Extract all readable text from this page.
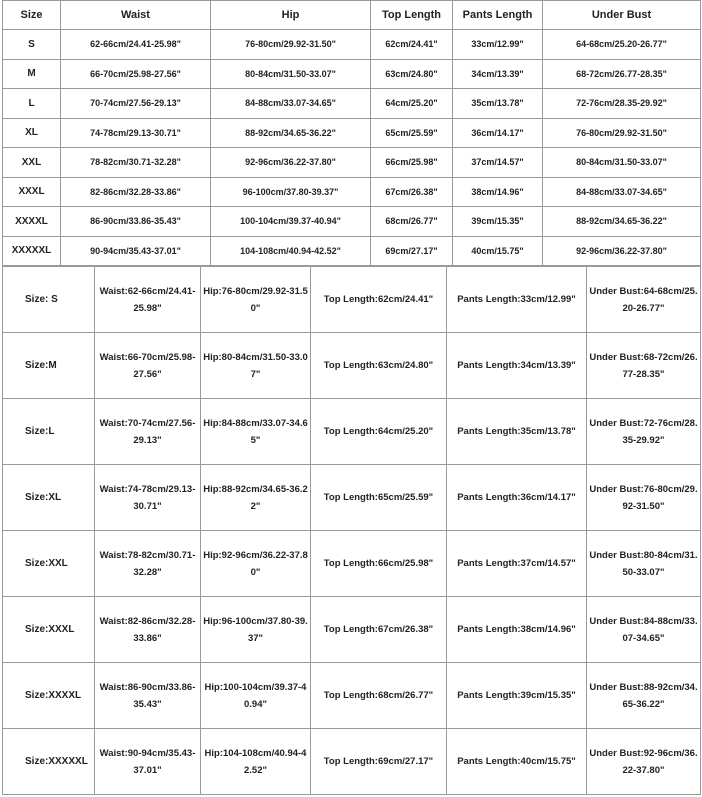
Size	Waist	Hip	Top Length	Pants Length	Under Bust
S	62-66cm/24.41-25.98"	76-80cm/29.92-31.50"	62cm/24.41"	33cm/12.99"	64-68cm/25.20-26.77"
M	66-70cm/25.98-27.56"	80-84cm/31.50-33.07"	63cm/24.80"	34cm/13.39"	68-72cm/26.77-28.35"
L	70-74cm/27.56-29.13"	84-88cm/33.07-34.65"	64cm/25.20"	35cm/13.78"	72-76cm/28.35-29.92"
XL	74-78cm/29.13-30.71"	88-92cm/34.65-36.22"	65cm/25.59"	36cm/14.17"	76-80cm/29.92-31.50"
XXL	78-82cm/30.71-32.28"	92-96cm/36.22-37.80"	66cm/25.98"	37cm/14.57"	80-84cm/31.50-33.07"
XXXL	82-86cm/32.28-33.86"	96-100cm/37.80-39.37"	67cm/26.38"	38cm/14.96"	84-88cm/33.07-34.65"
XXXXL	86-90cm/33.86-35.43"	100-104cm/39.37-40.94"	68cm/26.77"	39cm/15.35"	88-92cm/34.65-36.22"
XXXXXL	90-94cm/35.43-37.01"	104-108cm/40.94-42.52"	69cm/27.17"	40cm/15.75"	92-96cm/36.22-37.80"
Size: S	Waist:62-66cm/24.41-25.98"	Hip:76-80cm/29.92-31.50"	Top Length:62cm/24.41"	Pants Length:33cm/12.99"	Under Bust:64-68cm/25.20-26.77"

Size:M	Waist:66-70cm/25.98-27.56"	Hip:80-84cm/31.50-33.07"	Top Length:63cm/24.80"	Pants Length:34cm/13.39"	Under Bust:68-72cm/26.77-28.35"

Size:L	Waist:70-74cm/27.56-29.13"	Hip:84-88cm/33.07-34.65"	Top Length:64cm/25.20"	Pants Length:35cm/13.78"	Under Bust:72-76cm/28.35-29.92"

Size:XL	Waist:74-78cm/29.13-30.71"	Hip:88-92cm/34.65-36.22"	Top Length:65cm/25.59"	Pants Length:36cm/14.17"	Under Bust:76-80cm/29.92-31.50"

Size:XXL	Waist:78-82cm/30.71-32.28"	Hip:92-96cm/36.22-37.80"	Top Length:66cm/25.98"	Pants Length:37cm/14.57"	Under Bust:80-84cm/31.50-33.07"

Size:XXXL	Waist:82-86cm/32.28-33.86"	Hip:96-100cm/37.80-39.37"	Top Length:67cm/26.38"	Pants Length:38cm/14.96"	Under Bust:84-88cm/33.07-34.65"

Size:XXXXL	Waist:86-90cm/33.86-35.43"	Hip:100-104cm/39.37-40.94"	Top Length:68cm/26.77"	Pants Length:39cm/15.35"	Under Bust:88-92cm/34.65-36.22"

Size:XXXXXL	Waist:90-94cm/35.43-37.01"	Hip:104-108cm/40.94-42.52"	Top Length:69cm/27.17"	Pants Length:40cm/15.75"	Under Bust:92-96cm/36.22-37.80"
